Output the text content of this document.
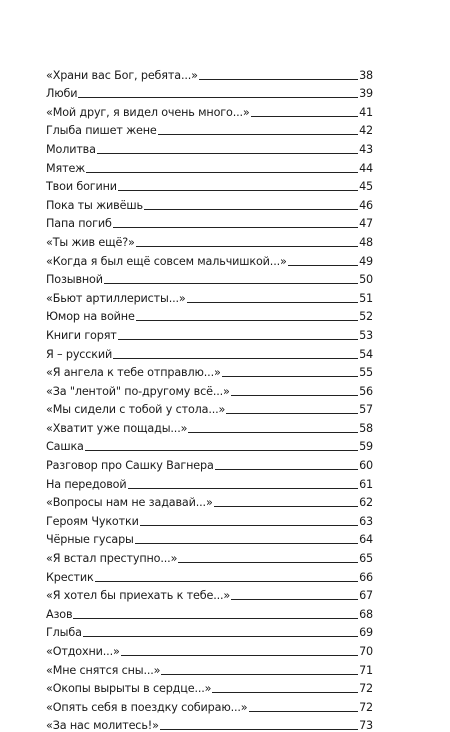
«Храни вас Бог, ребята...»	38
Люби	39
«Мой друг, я видел очень много...»	41
Глыба пишет жене	42
Молитва	43
Мятеж	44
Твои богини	45
Пока ты живёшь	46
Папа погиб	47
«Ты жив ещё?»	48
«Когда я был ещё совсем мальчишкой...»	49
Позывной	50
«Бьют артиллеристы...»	51
Юмор на войне	52
Книги горят	53
Я – русский	54
«Я ангела к тебе отправлю...»	55
«За "лентой" по-другому всё...»	56
«Мы сидели с тобой у стола...»	57
«Хватит уже пощады...»	58
Сашка	59
Разговор про Сашку Вагнера	60
На передовой	61
«Вопросы нам не задавай...»	62
Героям Чукотки	63
Чёрные гусары	64
«Я встал преступно...»	65
Крестик	66
«Я хотел бы приехать к тебе...»	67
Азов	68
Глыба	69
«Отдохни...»	70
«Мне снятся сны...»	71
«Окопы вырыты в сердце...»	72
«Опять себя в поездку собираю...»	72
«За нас молитесь!»	73
